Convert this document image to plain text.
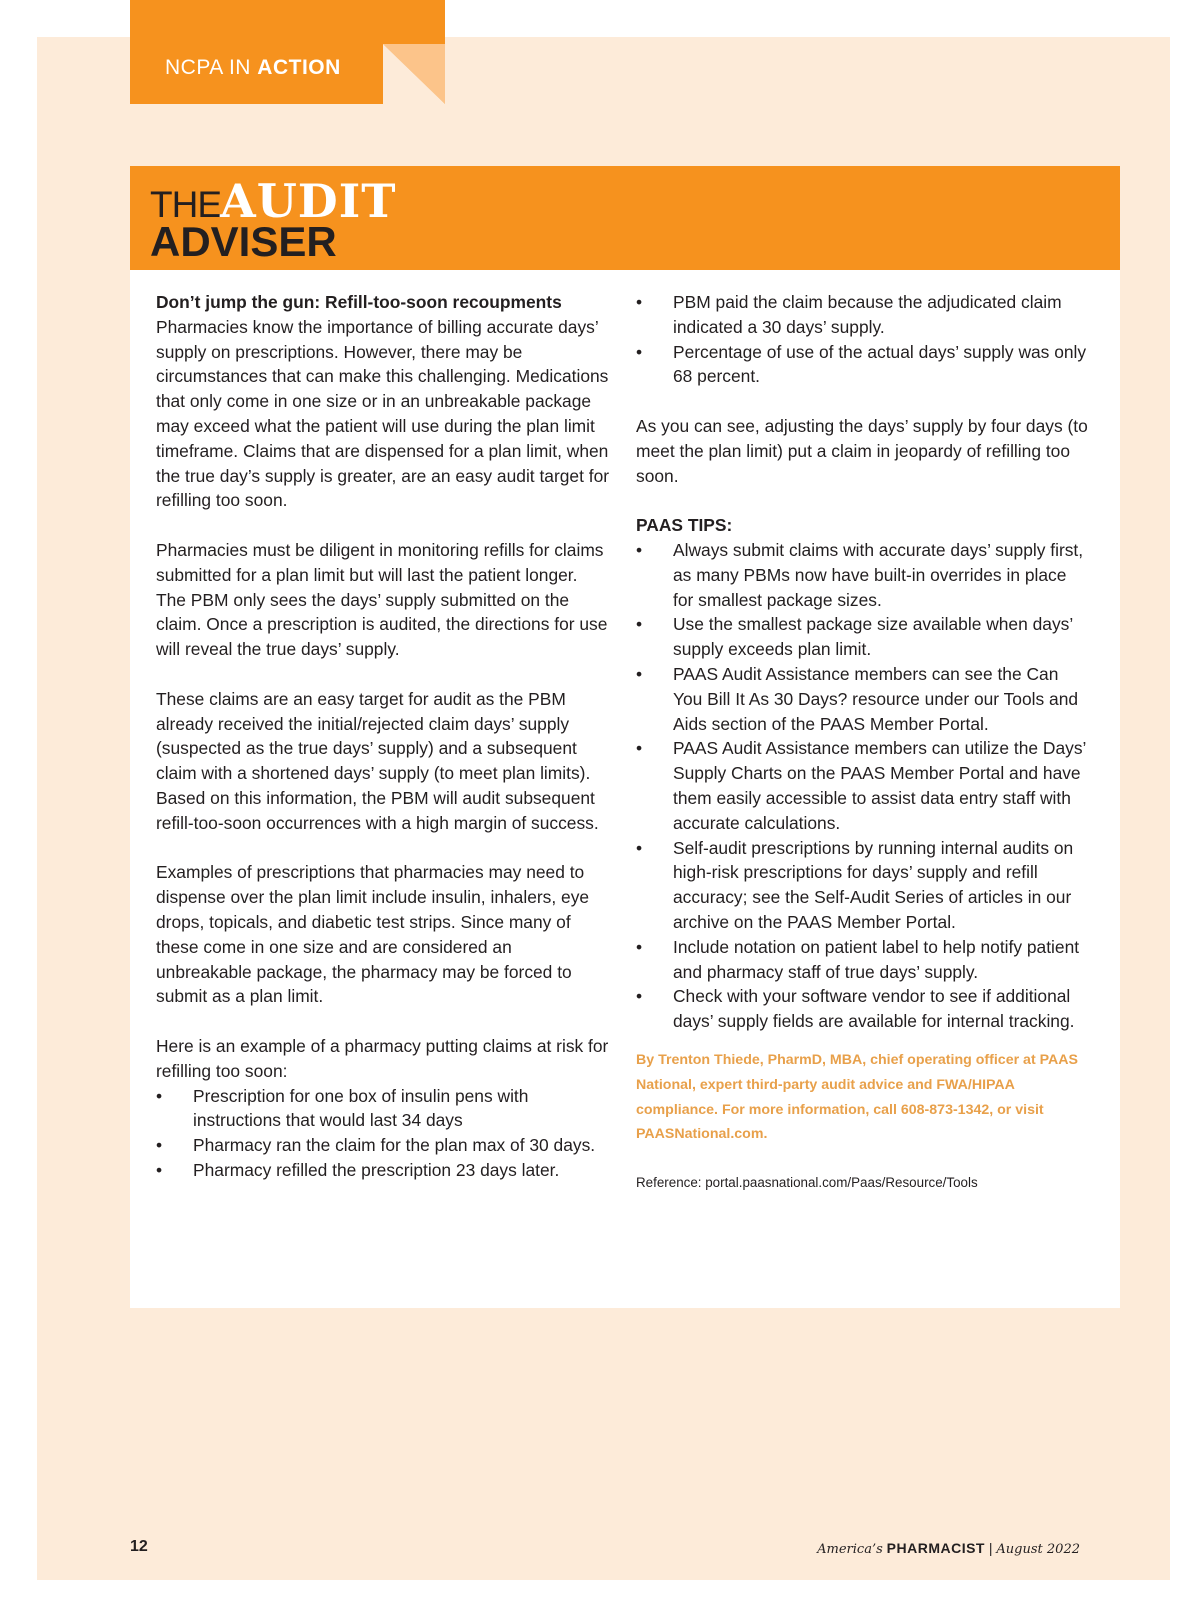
NCPA IN ACTION
THE AUDIT
ADVISER
Don’t jump the gun: Refill-too-soon recoupments

Pharmacies know the importance of billing accurate days’ supply on prescriptions. However, there may be circumstances that can make this challenging. Medications that only come in one size or in an unbreakable package may exceed what the patient will use during the plan limit timeframe. Claims that are dispensed for a plan limit, when the true day’s supply is greater, are an easy audit target for refilling too soon.

Pharmacies must be diligent in monitoring refills for claims submitted for a plan limit but will last the patient longer. The PBM only sees the days’ supply submitted on the claim. Once a prescription is audited, the directions for use will reveal the true days’ supply.

These claims are an easy target for audit as the PBM already received the initial/rejected claim days’ supply (suspected as the true days’ supply) and a subsequent claim with a shortened days’ supply (to meet plan limits). Based on this information, the PBM will audit subsequent refill-too-soon occurrences with a high margin of success.

Examples of prescriptions that pharmacies may need to dispense over the plan limit include insulin, inhalers, eye drops, topicals, and diabetic test strips. Since many of these come in one size and are considered an unbreakable package, the pharmacy may be forced to submit as a plan limit.

Here is an example of a pharmacy putting claims at risk for refilling too soon:
• Prescription for one box of insulin pens with instructions that would last 34 days
• Pharmacy ran the claim for the plan max of 30 days.
• Pharmacy refilled the prescription 23 days later.
• PBM paid the claim because the adjudicated claim indicated a 30 days’ supply.
• Percentage of use of the actual days’ supply was only 68 percent.

As you can see, adjusting the days’ supply by four days (to meet the plan limit) put a claim in jeopardy of refilling too soon.

PAAS TIPS:
• Always submit claims with accurate days’ supply first, as many PBMs now have built-in overrides in place for smallest package sizes.
• Use the smallest package size available when days’ supply exceeds plan limit.
• PAAS Audit Assistance members can see the Can You Bill It As 30 Days? resource under our Tools and Aids section of the PAAS Member Portal.
• PAAS Audit Assistance members can utilize the Days’ Supply Charts on the PAAS Member Portal and have them easily accessible to assist data entry staff with accurate calculations.
• Self-audit prescriptions by running internal audits on high-risk prescriptions for days’ supply and refill accuracy; see the Self-Audit Series of articles in our archive on the PAAS Member Portal.
• Include notation on patient label to help notify patient and pharmacy staff of true days’ supply.
• Check with your software vendor to see if additional days’ supply fields are available for internal tracking.
By Trenton Thiede, PharmD, MBA, chief operating officer at PAAS National, expert third-party audit advice and FWA/HIPAA compliance. For more information, call 608-873-1342, or visit PAASNational.com.
Reference: portal.paasnational.com/Paas/Resource/Tools
12	America’s PHARMACIST | August 2022
